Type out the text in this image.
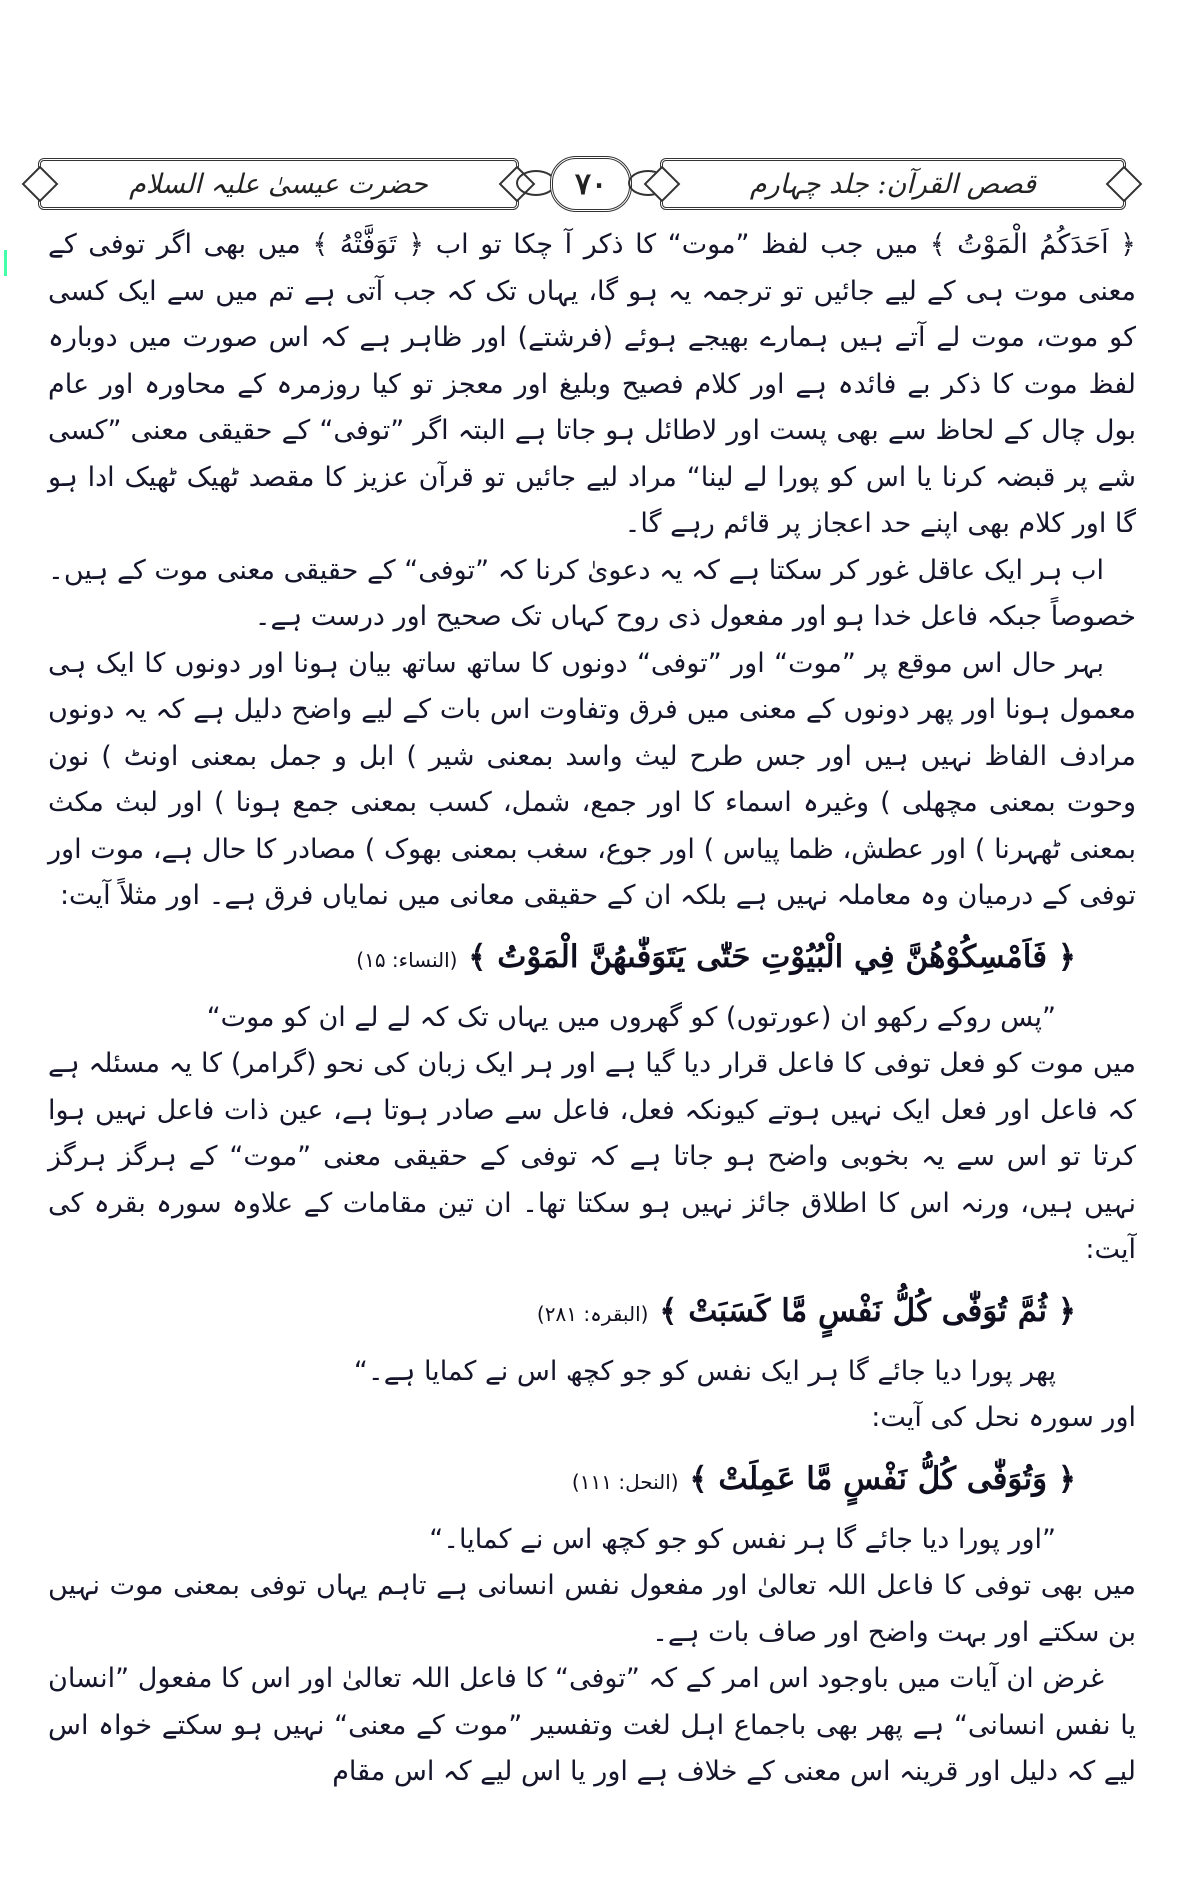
حضرت عیسیٰ علیہ السلام	۷۰	قصص القرآن: جلد چہارم

﴿ اَحَدَکُمُ الْمَوْتُ ﴾ میں جب لفظ ”موت“ کا ذکر آ چکا تو اب ﴿ تَوَفَّتْهُ ﴾ میں بھی اگر توفی کے معنی موت ہی کے لیے جائیں تو ترجمہ یہ ہو گا، یہاں تک کہ جب آتی ہے تم میں سے ایک کسی کو موت، موت لے آتے ہیں ہمارے بھیجے ہوئے (فرشتے) اور ظاہر ہے کہ اس صورت میں دوبارہ لفظ موت کا ذکر بے فائدہ ہے اور کلام فصیح وبلیغ اور معجز تو کیا روزمرہ کے محاورہ اور عام بول چال کے لحاظ سے بھی پست اور لاطائل ہو جاتا ہے البتہ اگر ”توفی“ کے حقیقی معنی ”کسی شے پر قبضہ کرنا یا اس کو پورا لے لینا“ مراد لیے جائیں تو قرآن عزیز کا مقصد ٹھیک ٹھیک ادا ہو گا اور کلام بھی اپنے حد اعجاز پر قائم رہے گا۔

اب ہر ایک عاقل غور کر سکتا ہے کہ یہ دعویٰ کرنا کہ ”توفی“ کے حقیقی معنی موت کے ہیں۔ خصوصاً جبکہ فاعل خدا ہو اور مفعول ذی روح کہاں تک صحیح اور درست ہے۔

بہر حال اس موقع پر ”موت“ اور ”توفی“ دونوں کا ساتھ ساتھ بیان ہونا اور دونوں کا ایک ہی معمول ہونا اور پھر دونوں کے معنی میں فرق وتفاوت اس بات کے لیے واضح دلیل ہے کہ یہ دونوں مرادف الفاظ نہیں ہیں اور جس طرح لیث واسد بمعنی شیر ) ابل و جمل بمعنی اونٹ ) نون وحوت بمعنی مچھلی ) وغیرہ اسماء کا اور جمع، شمل، کسب بمعنی جمع ہونا ) اور لبث مکث بمعنی ٹھہرنا ) اور عطش، ظما پیاس ) اور جوع، سغب بمعنی بھوک ) مصادر کا حال ہے، موت اور توفی کے درمیان وہ معاملہ نہیں ہے بلکہ ان کے حقیقی معانی میں نمایاں فرق ہے۔ اور مثلاً آیت:

﴿ فَاَمْسِكُوْهُنَّ فِي الْبُيُوْتِ حَتّٰى يَتَوَفّٰىهُنَّ الْمَوْتُ ﴾ (النساء: ۱۵)

”پس روکے رکھو ان (عورتوں) کو گھروں میں یہاں تک کہ لے لے ان کو موت“

میں موت کو فعل توفی کا فاعل قرار دیا گیا ہے اور ہر ایک زبان کی نحو (گرامر) کا یہ مسئلہ ہے کہ فاعل اور فعل ایک نہیں ہوتے کیونکہ فعل، فاعل سے صادر ہوتا ہے، عین ذات فاعل نہیں ہوا کرتا تو اس سے یہ بخوبی واضح ہو جاتا ہے کہ توفی کے حقیقی معنی ”موت“ کے ہرگز ہرگز نہیں ہیں، ورنہ اس کا اطلاق جائز نہیں ہو سکتا تھا۔ ان تین مقامات کے علاوہ سورہ بقرہ کی آیت:

﴿ ثُمَّ تُوَفّٰى كُلُّ نَفْسٍ مَّا كَسَبَتْ ﴾ (البقرہ: ۲۸۱)

پھر پورا دیا جائے گا ہر ایک نفس کو جو کچھ اس نے کمایا ہے۔“

اور سورہ نحل کی آیت:

﴿ وَتُوَفّٰى كُلُّ نَفْسٍ مَّا عَمِلَتْ ﴾ (النحل: ۱۱۱)

”اور پورا دیا جائے گا ہر نفس کو جو کچھ اس نے کمایا۔“

میں بھی توفی کا فاعل اللہ تعالیٰ اور مفعول نفس انسانی ہے تاہم یہاں توفی بمعنی موت نہیں بن سکتے اور بہت واضح اور صاف بات ہے۔

غرض ان آیات میں باوجود اس امر کے کہ ”توفی“ کا فاعل اللہ تعالیٰ اور اس کا مفعول ”انسان یا نفس انسانی“ ہے پھر بھی باجماع اہل لغت وتفسیر ”موت کے معنی“ نہیں ہو سکتے خواہ اس لیے کہ دلیل اور قرینہ اس معنی کے خلاف ہے اور یا اس لیے کہ اس مقام
